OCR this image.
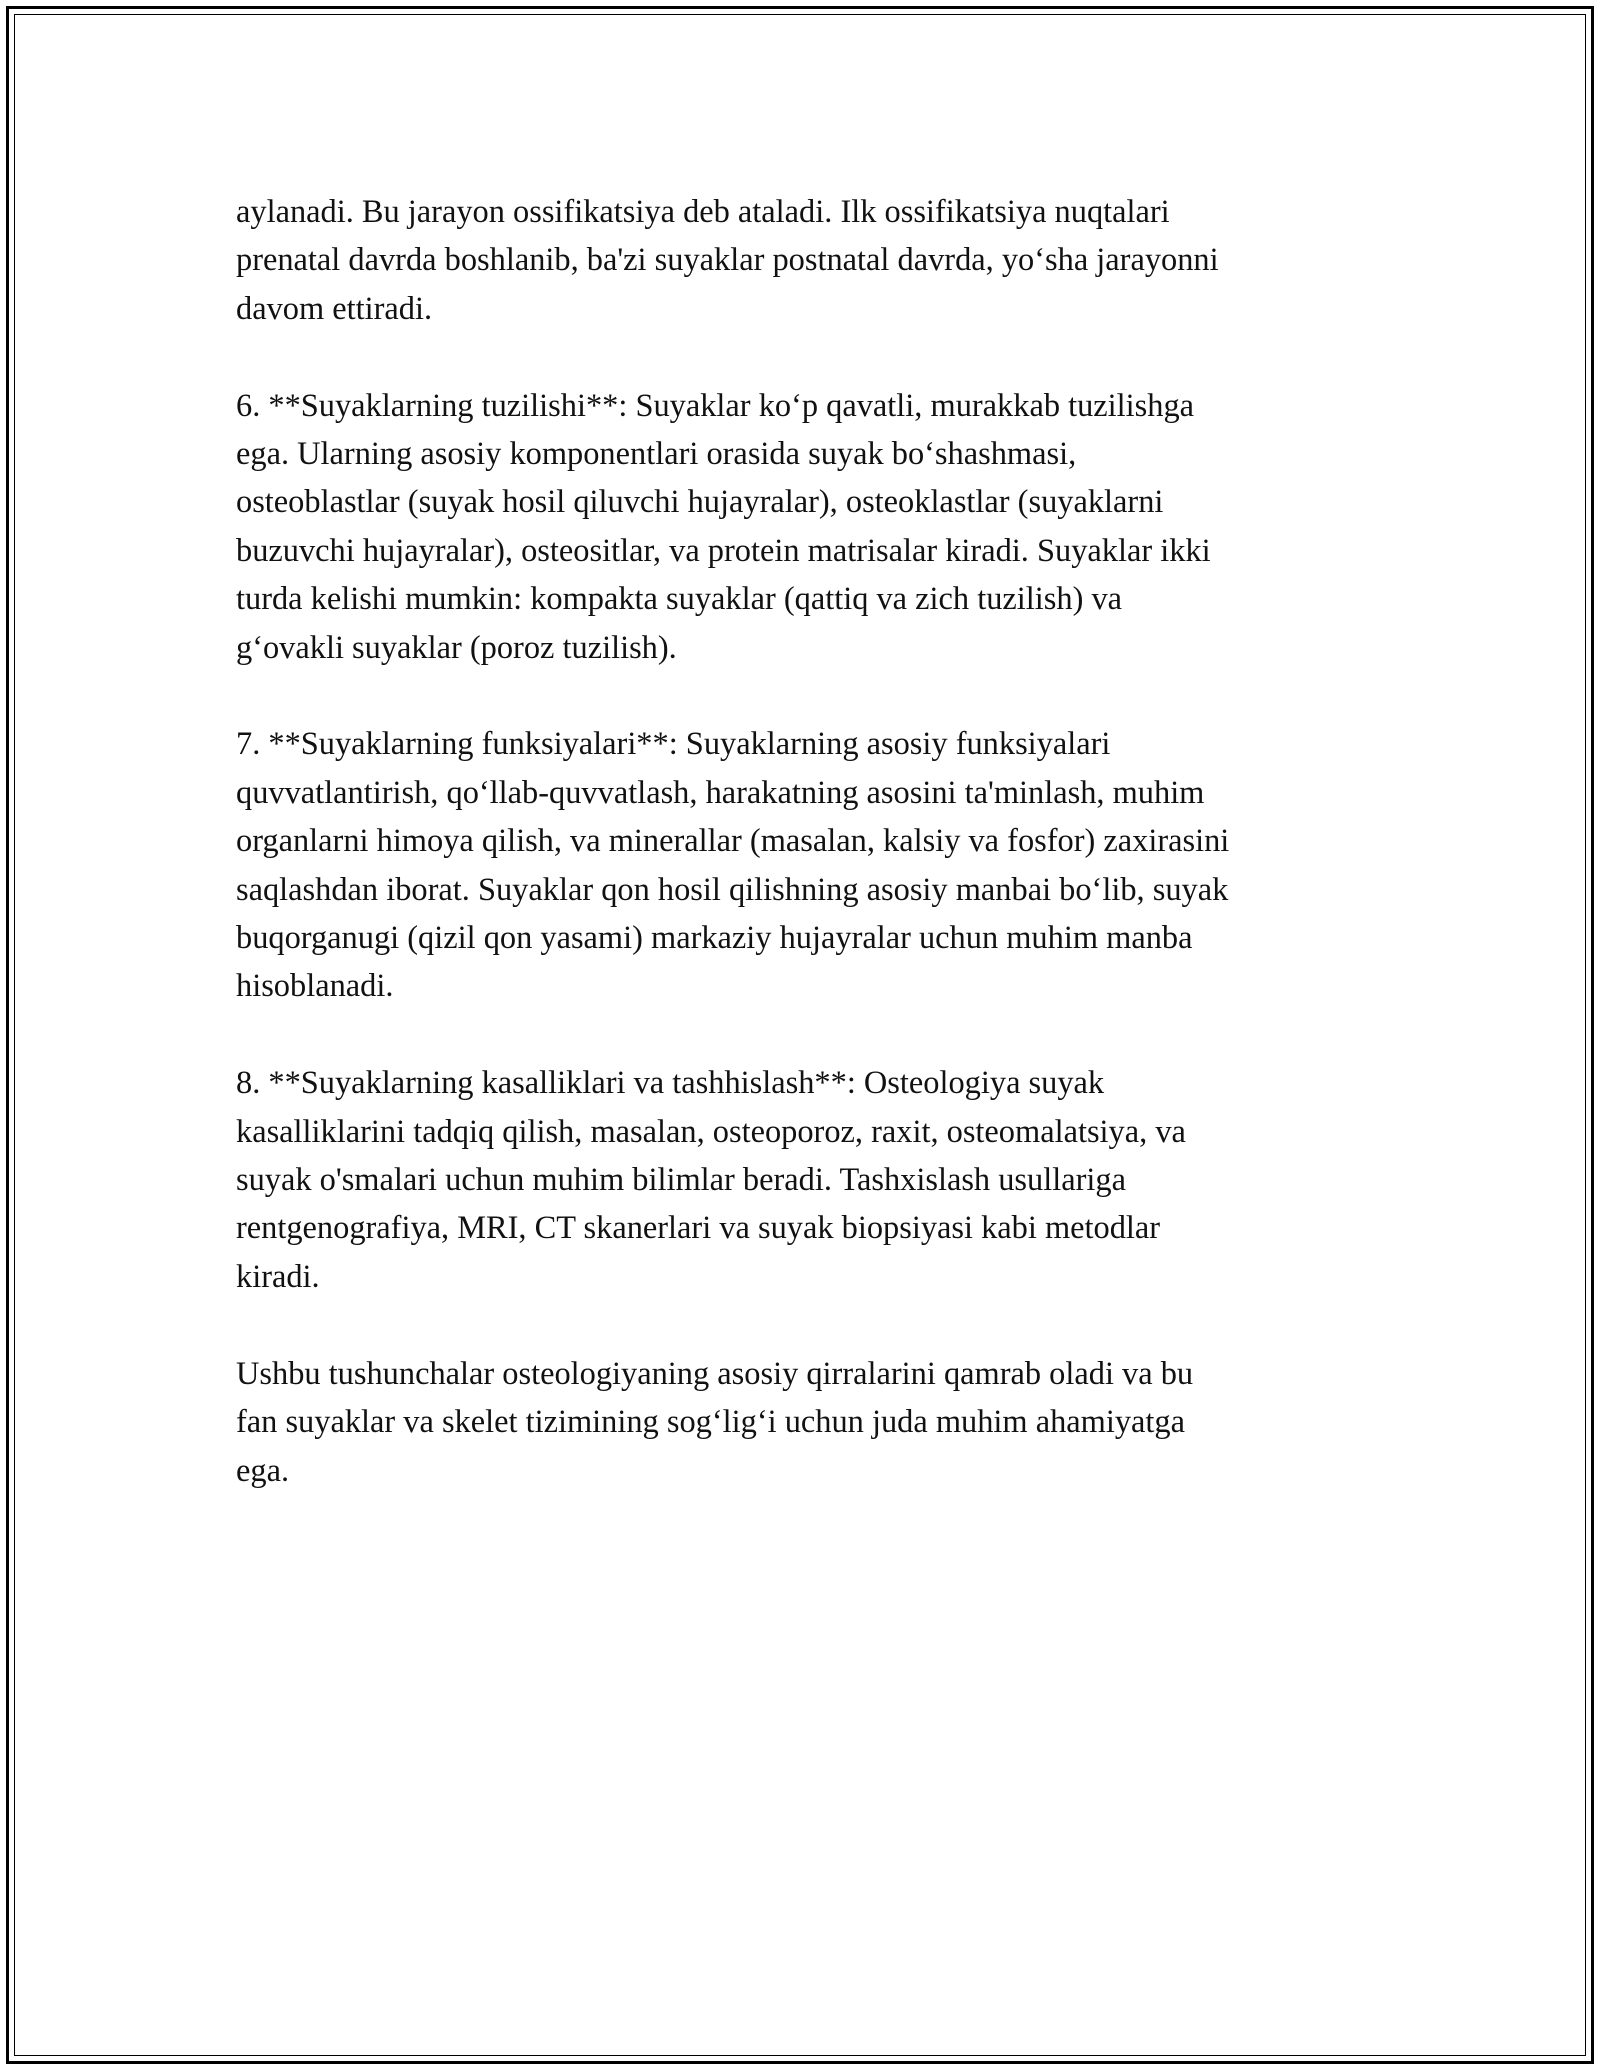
aylanadi. Bu jarayon ossifikatsiya deb ataladi. Ilk ossifikatsiya nuqtalari
prenatal davrda boshlanib, ba'zi suyaklar postnatal davrda, yo‘sha jarayonni
davom ettiradi.

6. **Suyaklarning tuzilishi**: Suyaklar ko‘p qavatli, murakkab tuzilishga
ega. Ularning asosiy komponentlari orasida suyak bo‘shashmasi,
osteoblastlar (suyak hosil qiluvchi hujayralar), osteoklastlar (suyaklarni
buzuvchi hujayralar), osteositlar, va protein matrisalar kiradi. Suyaklar ikki
turda kelishi mumkin: kompakta suyaklar (qattiq va zich tuzilish) va
g‘ovakli suyaklar (poroz tuzilish).

7. **Suyaklarning funksiyalari**: Suyaklarning asosiy funksiyalari
quvvatlantirish, qo‘llab-quvvatlash, harakatning asosini ta'minlash, muhim
organlarni himoya qilish, va minerallar (masalan, kalsiy va fosfor) zaxirasini
saqlashdan iborat. Suyaklar qon hosil qilishning asosiy manbai bo‘lib, suyak
buqorganugi (qizil qon yasami) markaziy hujayralar uchun muhim manba
hisoblanadi.

8. **Suyaklarning kasalliklari va tashhislash**: Osteologiya suyak
kasalliklarini tadqiq qilish, masalan, osteoporoz, raxit, osteomalatsiya, va
suyak o'smalari uchun muhim bilimlar beradi. Tashxislash usullariga
rentgenografiya, MRI, CT skanerlari va suyak biopsiyasi kabi metodlar
kiradi.

Ushbu tushunchalar osteologiyaning asosiy qirralarini qamrab oladi va bu
fan suyaklar va skelet tizimining sog‘lig‘i uchun juda muhim ahamiyatga
ega.
